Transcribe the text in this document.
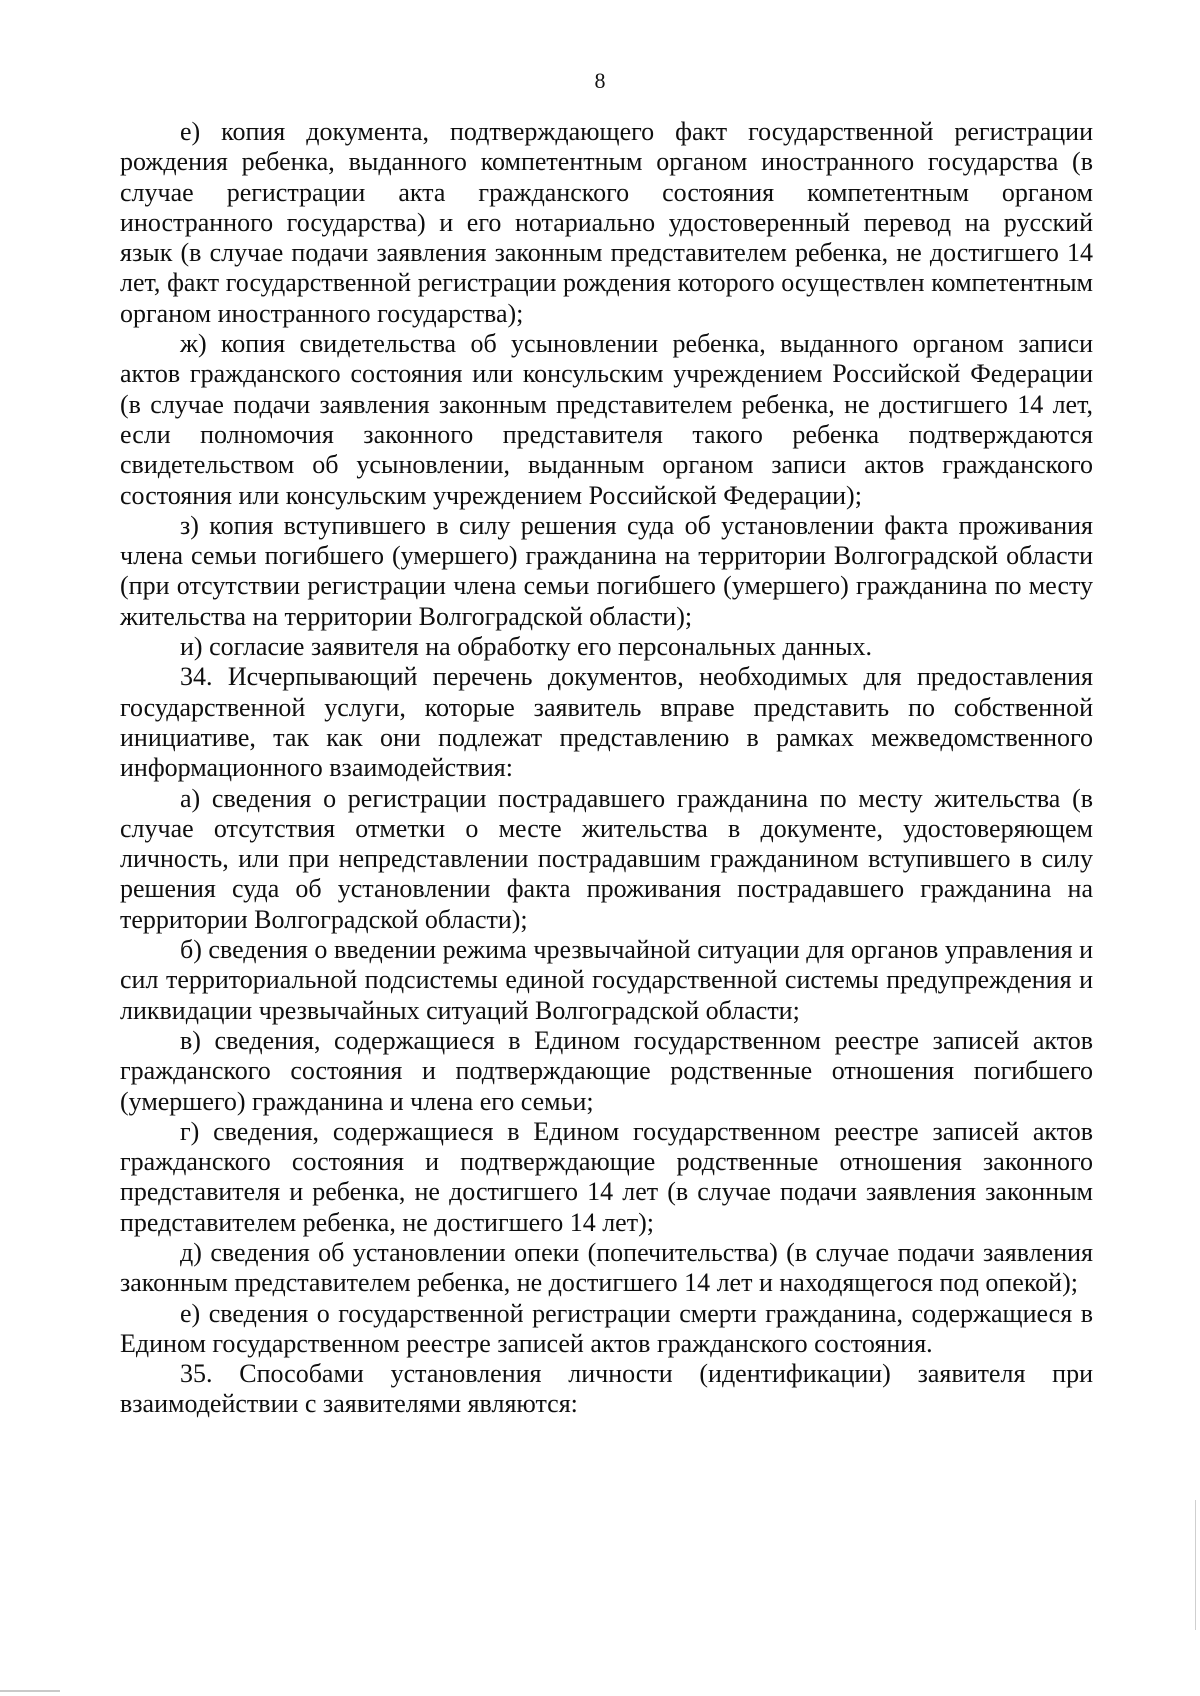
8

е) копия документа, подтверждающего факт государственной регистрации рождения ребенка, выданного компетентным органом иностранного государства (в случае регистрации акта гражданского состояния компетентным органом иностранного государства) и его нотариально удостоверенный перевод на русский язык (в случае подачи заявления законным представителем ребенка, не достигшего 14 лет, факт государственной регистрации рождения которого осуществлен компетентным органом иностранного государства);

ж) копия свидетельства об усыновлении ребенка, выданного органом записи актов гражданского состояния или консульским учреждением Российской Федерации (в случае подачи заявления законным представителем ребенка, не достигшего 14 лет, если полномочия законного представителя такого ребенка подтверждаются свидетельством об усыновлении, выданным органом записи актов гражданского состояния или консульским учреждением Российской Федерации);

з) копия вступившего в силу решения суда об установлении факта проживания члена семьи погибшего (умершего) гражданина на территории Волгоградской области (при отсутствии регистрации члена семьи погибшего (умершего) гражданина по месту жительства на территории Волгоградской области);

и) согласие заявителя на обработку его персональных данных.

34. Исчерпывающий перечень документов, необходимых для предоставления государственной услуги, которые заявитель вправе представить по собственной инициативе, так как они подлежат представлению в рамках межведомственного информационного взаимодействия:

а) сведения о регистрации пострадавшего гражданина по месту жительства (в случае отсутствия отметки о месте жительства в документе, удостоверяющем личность, или при непредставлении пострадавшим гражданином вступившего в силу решения суда об установлении факта проживания пострадавшего гражданина на территории Волгоградской области);

б) сведения о введении режима чрезвычайной ситуации для органов управления и сил территориальной подсистемы единой государственной системы предупреждения и ликвидации чрезвычайных ситуаций Волгоградской области;

в) сведения, содержащиеся в Едином государственном реестре записей актов гражданского состояния и подтверждающие родственные отношения погибшего (умершего) гражданина и члена его семьи;

г) сведения, содержащиеся в Едином государственном реестре записей актов гражданского состояния и подтверждающие родственные отношения законного представителя и ребенка, не достигшего 14 лет (в случае подачи заявления законным представителем ребенка, не достигшего 14 лет);

д) сведения об установлении опеки (попечительства) (в случае подачи заявления законным представителем ребенка, не достигшего 14 лет и находящегося под опекой);

е) сведения о государственной регистрации смерти гражданина, содержащиеся в Едином государственном реестре записей актов гражданского состояния.

35. Способами установления личности (идентификации) заявителя при взаимодействии с заявителями являются:
